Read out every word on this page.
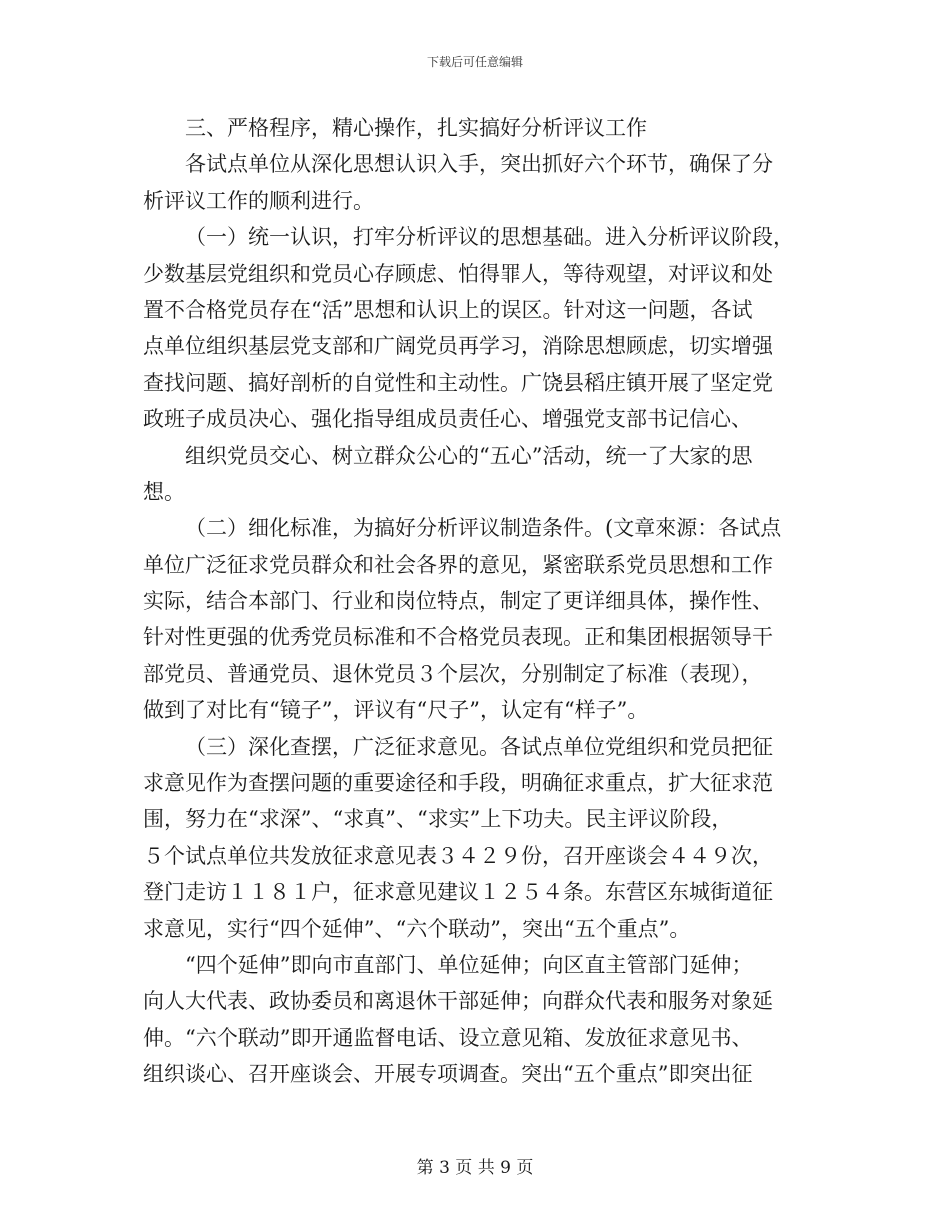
下载后可任意编辑
三、严格程序，精心操作，扎实搞好分析评议工作
各试点单位从深化思想认识入手，突出抓好六个环节，确保了分
析评议工作的顺利进行。
（一）统一认识，打牢分析评议的思想基础。进入分析评议阶段，
少数基层党组织和党员心存顾虑、怕得罪人，等待观望，对评议和处
置不合格党员存在“活”思想和认识上的误区。针对这一问题，各试
点单位组织基层党支部和广阔党员再学习，消除思想顾虑，切实增强
查找问题、搞好剖析的自觉性和主动性。广饶县稻庄镇开展了坚定党
政班子成员决心、强化指导组成员责任心、增强党支部书记信心、
组织党员交心、树立群众公心的“五心”活动，统一了大家的思
想。
（二）细化标准，为搞好分析评议制造条件。(文章來源：各试点
单位广泛征求党员群众和社会各界的意见，紧密联系党员思想和工作
实际，结合本部门、行业和岗位特点，制定了更详细具体，操作性、
针对性更强的优秀党员标准和不合格党员表现。正和集团根据领导干
部党员、普通党员、退休党员３个层次，分别制定了标准（表现），
做到了对比有“镜子”，评议有“尺子”，认定有“样子”。
（三）深化查摆，广泛征求意见。各试点单位党组织和党员把征
求意见作为查摆问题的重要途径和手段，明确征求重点，扩大征求范
围，努力在“求深”、“求真”、“求实”上下功夫。民主评议阶段，
５个试点单位共发放征求意见表３４２９份，召开座谈会４４９次，
登门走访１１８１户，征求意见建议１２５４条。东营区东城街道征
求意见，实行“四个延伸”、“六个联动”，突出“五个重点”。
“四个延伸”即向市直部门、单位延伸；向区直主管部门延伸；
向人大代表、政协委员和离退休干部延伸；向群众代表和服务对象延
伸。“六个联动”即开通监督电话、设立意见箱、发放征求意见书、
组织谈心、召开座谈会、开展专项调查。突出“五个重点”即突出征
第 3 页 共 9 页
